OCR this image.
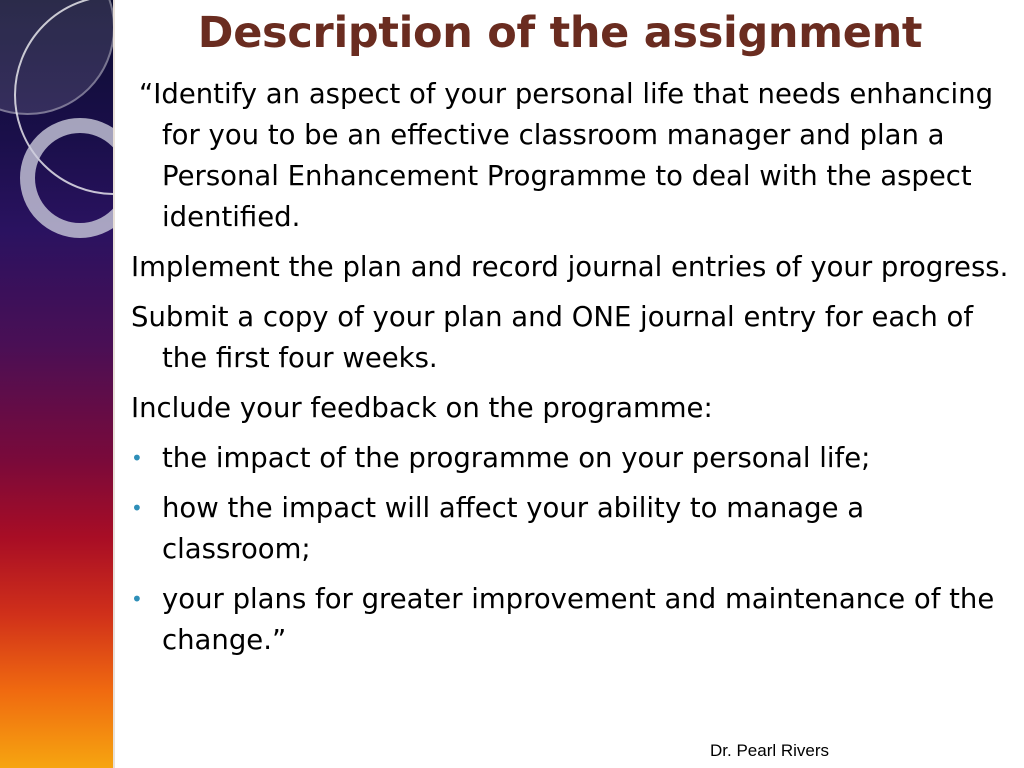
Description of the assignment

“Identify an aspect of your personal life that needs enhancing for you to be an effective classroom manager and plan a Personal Enhancement Programme to deal with the aspect identified.

Implement the plan and record journal entries of your progress.

Submit a copy of your plan and ONE journal entry for each of the first four weeks.

Include your feedback on the programme:

• the impact of the programme on your personal life;
• how the impact will affect your ability to manage a classroom;
• your plans for greater improvement and maintenance of the change.”
Dr. Pearl Rivers
